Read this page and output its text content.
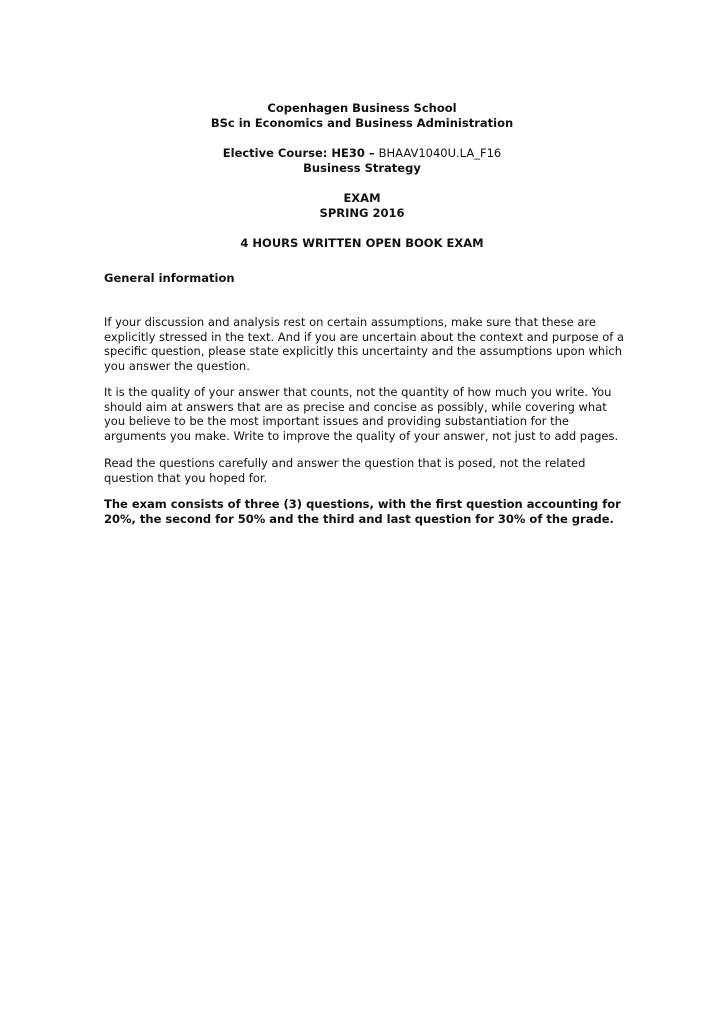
Copenhagen Business School
BSc in Economics and Business Administration
Elective Course: HE30 – BHAAV1040U.LA_F16
Business Strategy
EXAM
SPRING 2016
4 HOURS WRITTEN OPEN BOOK EXAM
General information

If your discussion and analysis rest on certain assumptions, make sure that these are explicitly stressed in the text. And if you are uncertain about the context and purpose of a specific question, please state explicitly this uncertainty and the assumptions upon which you answer the question.

It is the quality of your answer that counts, not the quantity of how much you write. You should aim at answers that are as precise and concise as possibly, while covering what you believe to be the most important issues and providing substantiation for the arguments you make. Write to improve the quality of your answer, not just to add pages.

Read the questions carefully and answer the question that is posed, not the related question that you hoped for.

The exam consists of three (3) questions, with the first question accounting for 20%, the second for 50% and the third and last question for 30% of the grade.
